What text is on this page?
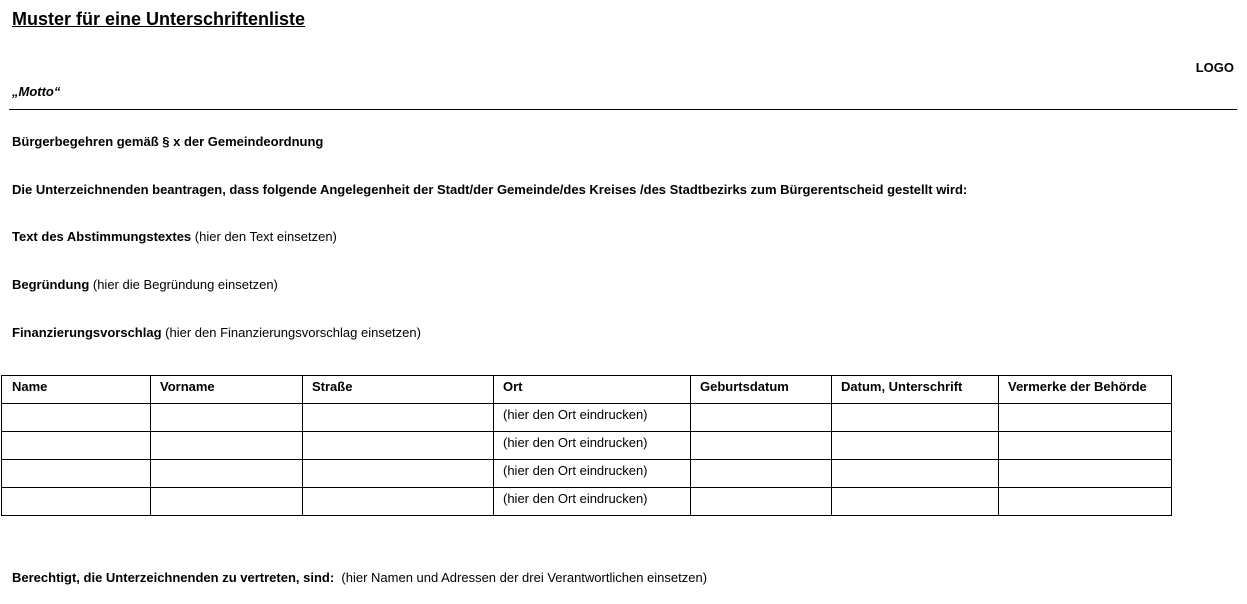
Muster für eine Unterschriftenliste
LOGO
„Motto“
Bürgerbegehren gemäß § x der Gemeindeordnung
Die Unterzeichnenden beantragen, dass folgende Angelegenheit der Stadt/der Gemeinde/des Kreises /des Stadtbezirks zum Bürgerentscheid gestellt wird:
Text des Abstimmungstextes (hier den Text einsetzen)
Begründung (hier die Begründung einsetzen)
Finanzierungsvorschlag (hier den Finanzierungsvorschlag einsetzen)
Name	Vorname	Straße	Ort	Geburtsdatum	Datum, Unterschrift	Vermerke der Behörde
			(hier den Ort eindrucken)			
			(hier den Ort eindrucken)			
			(hier den Ort eindrucken)			
			(hier den Ort eindrucken)			
Berechtigt, die Unterzeichnenden zu vertreten, sind:  (hier Namen und Adressen der drei Verantwortlichen einsetzen)
